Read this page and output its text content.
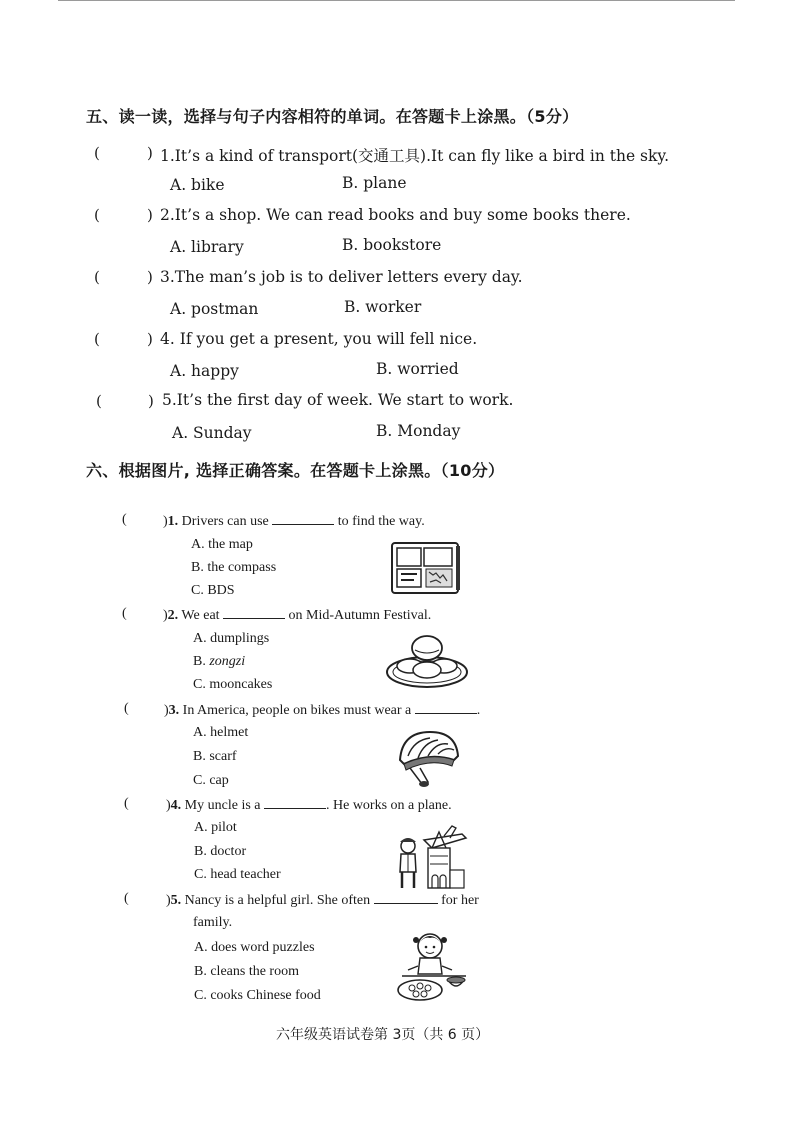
五、读一读，选择与句子内容相符的单词。在答题卡上涂黑。（5分）
(	) 1.It’s a kind of transport(交通工具).It can fly like a bird in the sky.
A. bike	B. plane
(	) 2.It’s a shop. We can read books and buy some books there.
A. library	B. bookstore
(	) 3.The man’s job is to deliver letters every day.
A. postman	B. worker
(	) 4. If you get a present, you will fell nice.
A. happy	B. worried
(	) 5.It’s the first day of week. We start to work.
A. Sunday	B. Monday
六、根据图片, 选择正确答案。在答题卡上涂黑。（10分）
(	)1. Drivers can use	to find the way.
A. the map
B. the compass
C. BDS
(	)2. We eat	on Mid-Autumn Festival.
A. dumplings
B. zongzi
C. mooncakes
(	)3. In America, people on bikes must wear a	.
A. helmet
B. scarf
C. cap
(	)4. My uncle is a	. He works on a plane.
A. pilot
B. doctor
C. head teacher
(	)5. Nancy is a helpful girl. She often	for her
family.
A. does word puzzles
B. cleans the room
C. cooks Chinese food
六年级英语试卷第 3页（共 6 页）
